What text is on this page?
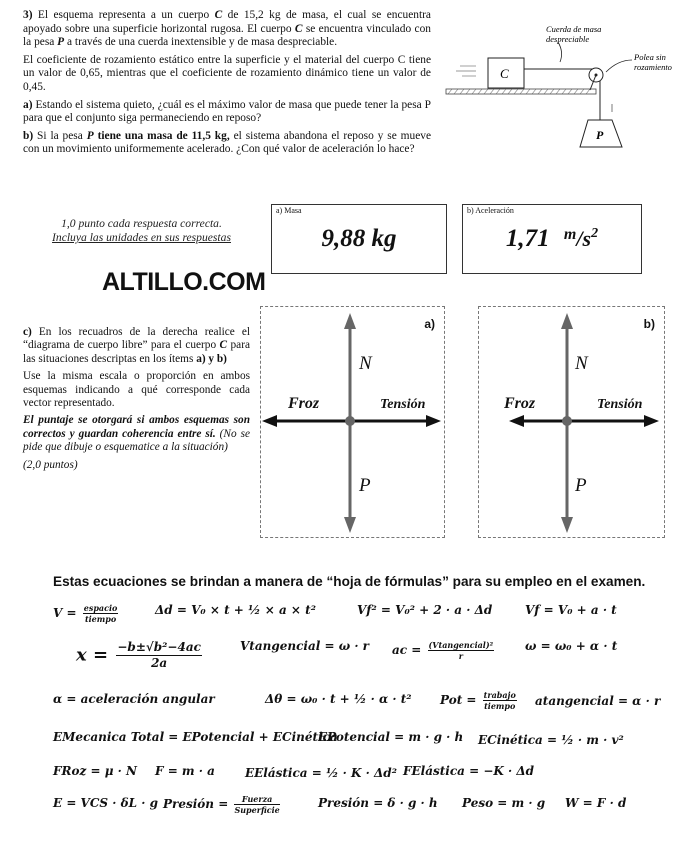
3) El esquema representa a un cuerpo C de 15,2 kg de masa, el cual se encuentra apoyado sobre una superficie horizontal rugosa. El cuerpo C se encuentra vinculado con la pesa P a través de una cuerda inextensible y de masa despreciable.

El coeficiente de rozamiento estático entre la superficie y el material del cuerpo C tiene un valor de 0,65, mientras que el coeficiente de rozamiento dinámico tiene un valor de 0,45.

a) Estando el sistema quieto, ¿cuál es el máximo valor de masa que puede tener la pesa P para que el conjunto siga permaneciendo en reposo?

b) Si la pesa P tiene una masa de 11,5 kg, el sistema abandona el reposo y se mueve con un movimiento uniformemente acelerado. ¿Con qué valor de aceleración lo hace?

C
P
Cuerda de masa
despreciable
Polea sin
rozamiento
1,0 punto cada respuesta correcta.
Incluya las unidades en sus respuestas
a) Masa
9,88 kg
b) Aceleración
1,71 $^m/s^2$
ALTILLO.COM

c) En los recuadros de la derecha realice el “diagrama de cuerpo libre” para el cuerpo C para las situaciones descriptas en los ítems a) y b)

Use la misma escala o proporción en ambos esquemas indicando a qué corresponde cada vector representado.

El puntaje se otorgará si ambos esquemas son correctos y guardan coherencia entre sí. (No se pide que dibuje o esquematice a la situación)

(2,0 puntos)

a)
N
P
Froz	Tensión
b)
N
P
Froz	Tensión
Estas ecuaciones se brindan a manera de “hoja de fórmulas” para su empleo en el examen.
$V = \frac{\text{espacio}}{\text{tiempo}}$	Δd = V₀ × t + ½ × a × t²	Vf² = V₀² + 2 · a · Δd	Vf = V₀ + a · t
$x = \frac{\text{−b±√b²−4ac}}{2a}$	Vtangencial = ω · r ac = $\frac{\text{(Vtangencial)²}}{r}$	ω = ω₀ + α · t
α = aceleración angular	Δθ = ω₀ · t + ½ · α · t² Pot = $\frac{\text{trabajo}}{\text{tiempo}}$ atangencial = α · r
EMecanica Total = EPotencial + ECinética
EPotencial = m · g · h ECinética = ½ · m · v²
FRoz = μ · N F = m · a	EElástica = ½ · K · Δd² FElástica = −K · Δd
E = VCS · δL · g Presión = $\frac{\text{Fuerza}}{\text{Superficie}}$	Presión = δ · g · h Peso = m · g W = F · d
